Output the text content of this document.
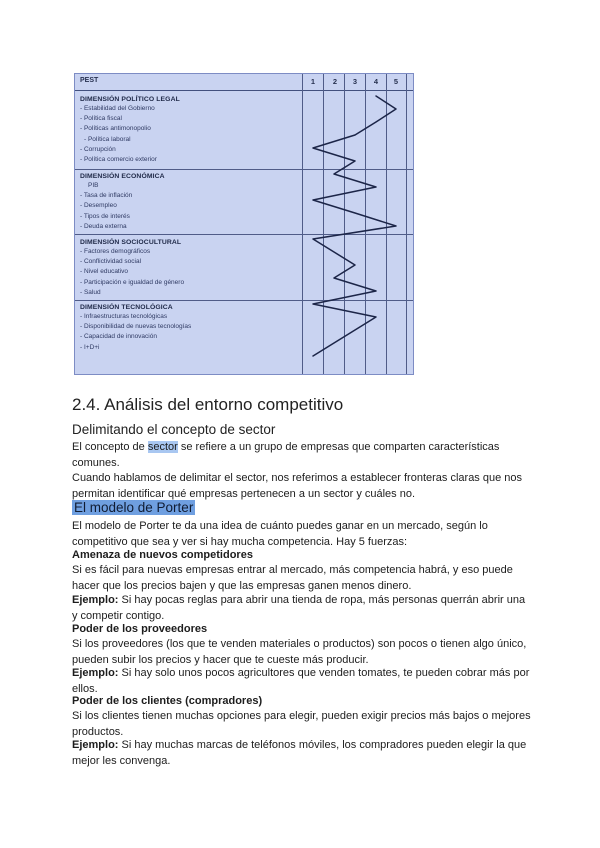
PEST	1	2	3	4	5
DIMENSIÓN POLÍTICO LEGAL
- Estabilidad del Gobierno
- Política fiscal
- Políticas antimonopolio
- Política laboral
- Corrupción
- Política comercio exterior
DIMENSIÓN ECONÓMICA
PIB
- Tasa de inflación
- Desempleo
- Tipos de interés
- Deuda externa
DIMENSIÓN SOCIOCULTURAL
- Factores demográficos
- Conflictividad social
- Nivel educativo
- Participación e igualdad de género
- Salud
DIMENSIÓN TECNOLÓGICA
- Infraestructuras tecnológicas
- Disponibilidad de nuevas tecnologías
- Capacidad de innovación
- I+D+i
2.4. Análisis del entorno competitivo
Delimitando el concepto de sector
El concepto de sector se refiere a un grupo de empresas que comparten características comunes.
Cuando hablamos de delimitar el sector, nos referimos a establecer fronteras claras que nos permitan identificar qué empresas pertenecen a un sector y cuáles no.
El modelo de Porter
El modelo de Porter te da una idea de cuánto puedes ganar en un mercado, según lo competitivo que sea y ver si hay mucha competencia. Hay 5 fuerzas:
Amenaza de nuevos competidores
Si es fácil para nuevas empresas entrar al mercado, más competencia habrá, y eso puede hacer que los precios bajen y que las empresas ganen menos dinero.
Ejemplo: Si hay pocas reglas para abrir una tienda de ropa, más personas querrán abrir una y competir contigo.
Poder de los proveedores
Si los proveedores (los que te venden materiales o productos) son pocos o tienen algo único, pueden subir los precios y hacer que te cueste más producir.
Ejemplo: Si hay solo unos pocos agricultores que venden tomates, te pueden cobrar más por ellos.
Poder de los clientes (compradores)
Si los clientes tienen muchas opciones para elegir, pueden exigir precios más bajos o mejores productos.
Ejemplo: Si hay muchas marcas de teléfonos móviles, los compradores pueden elegir la que mejor les convenga.
